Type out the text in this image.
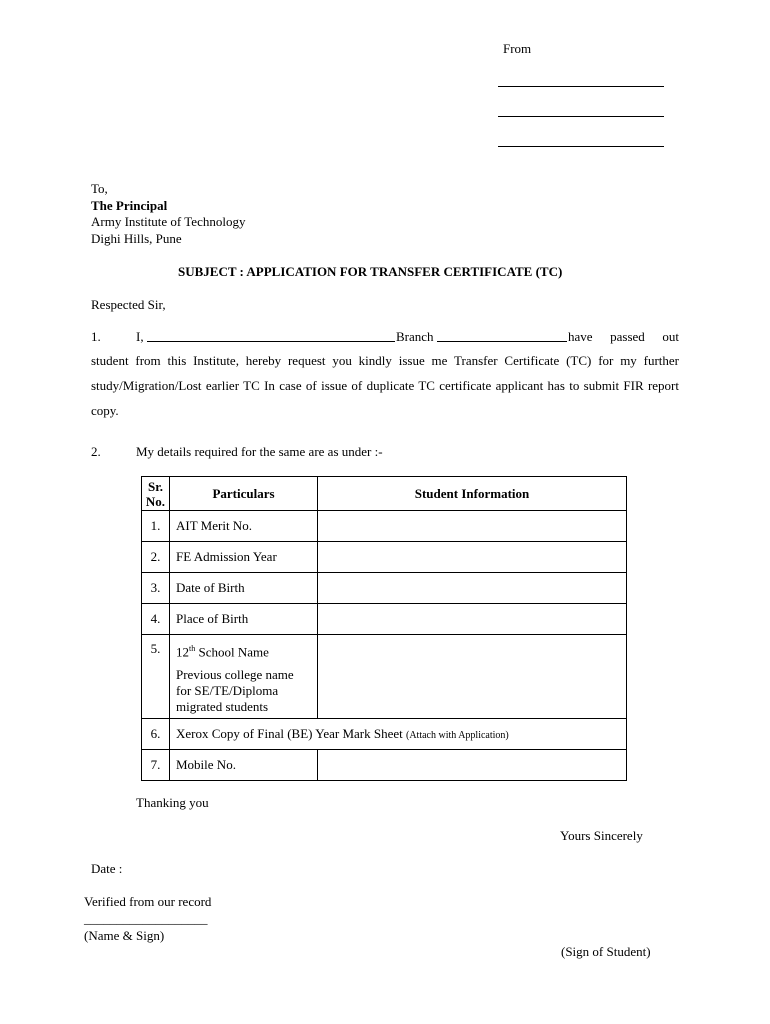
From
To,
The Principal
Army Institute of Technology
Dighi Hills, Pune
SUBJECT : APPLICATION FOR TRANSFER CERTIFICATE (TC)
Respected Sir,
1.	I,	Branch	have passed out
student from this Institute, hereby request you kindly issue me Transfer Certificate (TC) for my further study/Migration/Lost earlier TC In case of issue of duplicate TC certificate applicant has to submit FIR report copy.
2.	My details required for the same are as under :-
Sr.
No.	Particulars	Student Information
1.	AIT Merit No.	
2.	FE Admission Year	
3.	Date of Birth	
4.	Place of Birth	
5.	12th School Name
Previous college name
for SE/TE/Diploma
migrated students	

6.	Xerox Copy of Final (BE) Year Mark Sheet (Attach with Application)	
7.	Mobile No.	
Thanking you
Yours Sincerely
Date :
Verified from our record
___________________
(Name & Sign)
(Sign of Student)
